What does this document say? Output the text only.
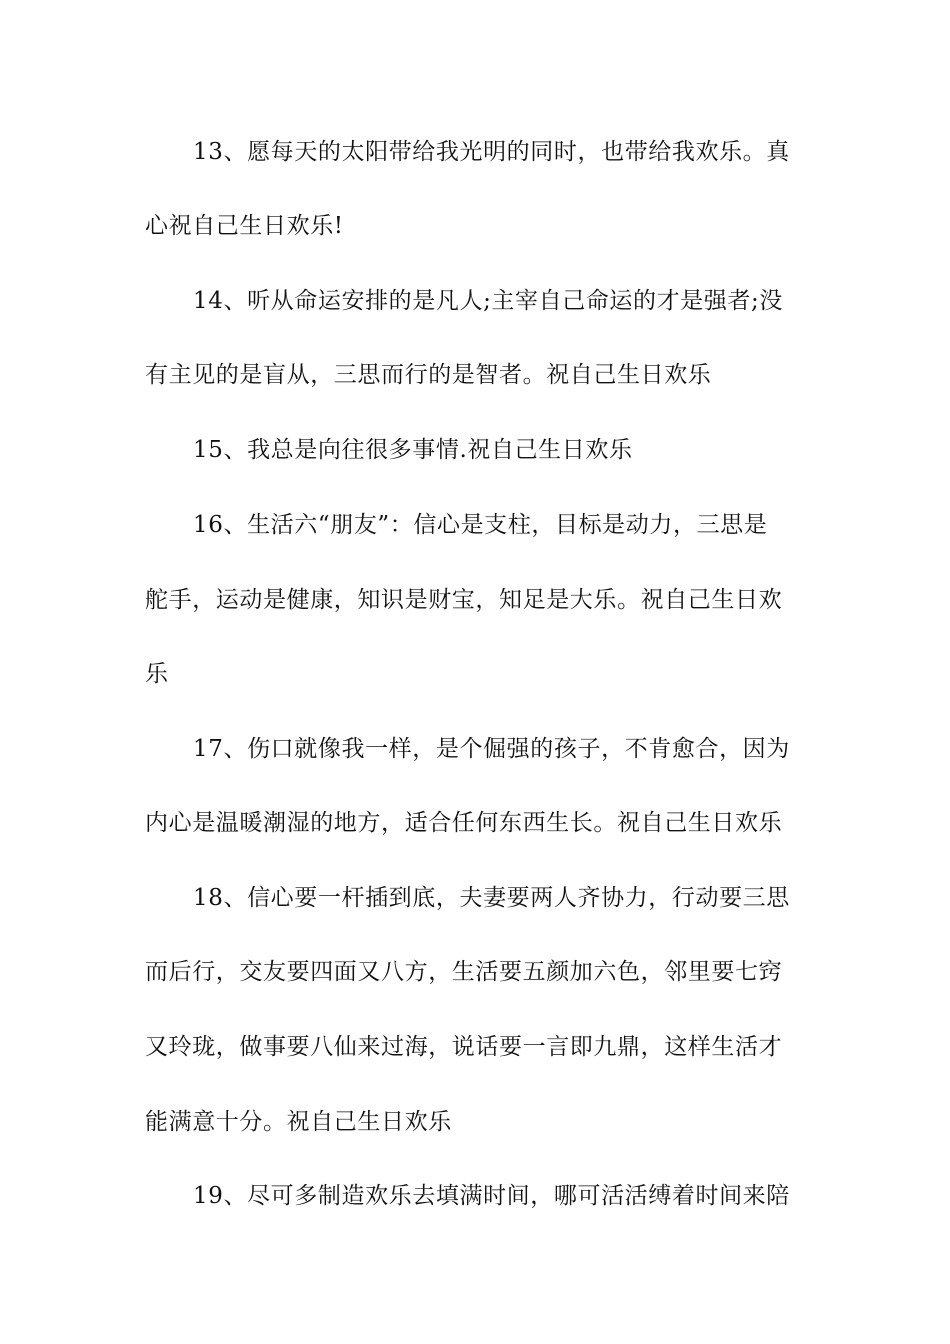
13、愿每天的太阳带给我光明的同时，也带给我欢乐。真
心祝自己生日欢乐!
14、听从命运安排的是凡人;主宰自己命运的才是强者;没
有主见的是盲从，三思而行的是智者。祝自己生日欢乐
15、我总是向往很多事情.祝自己生日欢乐
16、生活六“朋友”：信心是支柱，目标是动力，三思是
舵手，运动是健康，知识是财宝，知足是大乐。祝自己生日欢
乐
17、伤口就像我一样，是个倔强的孩子，不肯愈合，因为
内心是温暖潮湿的地方，适合任何东西生长。祝自己生日欢乐
18、信心要一杆插到底，夫妻要两人齐协力，行动要三思
而后行，交友要四面又八方，生活要五颜加六色，邻里要七窍
又玲珑，做事要八仙来过海，说话要一言即九鼎，这样生活才
能满意十分。祝自己生日欢乐
19、尽可多制造欢乐去填满时间，哪可活活缚着时间来陪
